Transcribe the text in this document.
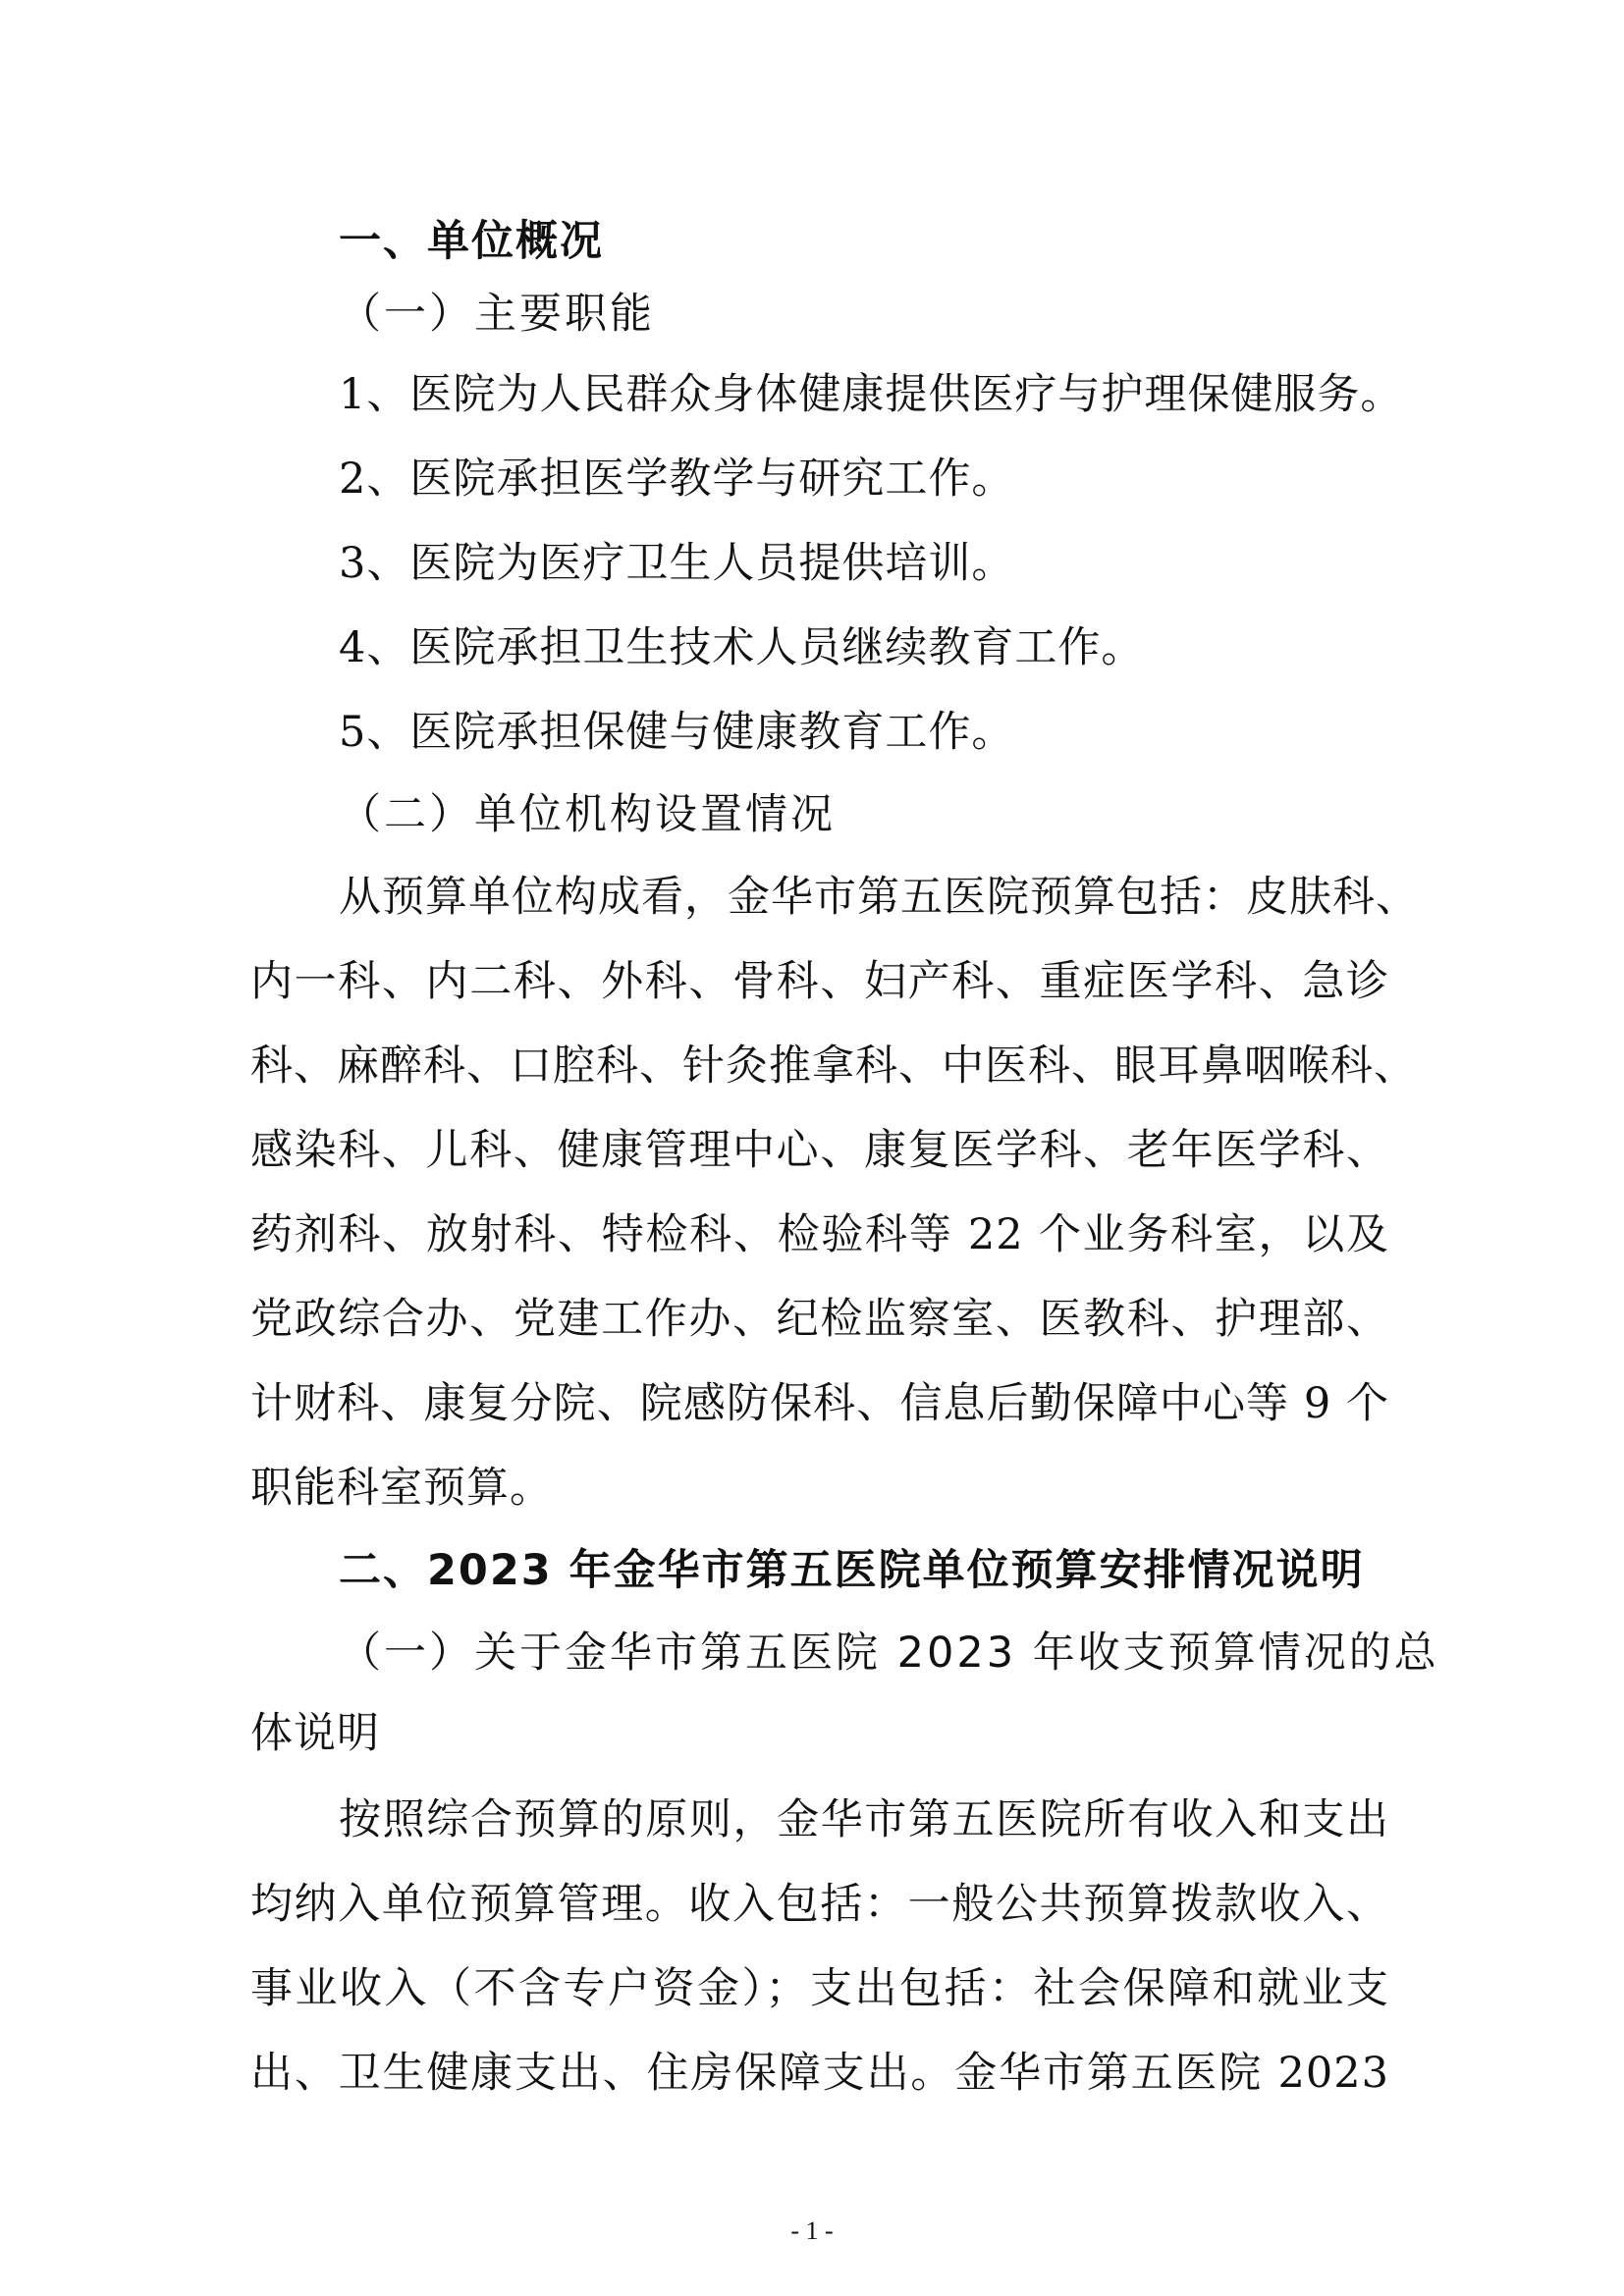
一、单位概况
（一）主要职能
1、医院为人民群众身体健康提供医疗与护理保健服务。
2、医院承担医学教学与研究工作。
3、医院为医疗卫生人员提供培训。
4、医院承担卫生技术人员继续教育工作。
5、医院承担保健与健康教育工作。
（二）单位机构设置情况
从预算单位构成看，金华市第五医院预算包括：皮肤科、
内一科、内二科、外科、骨科、妇产科、重症医学科、急诊
科、麻醉科、口腔科、针灸推拿科、中医科、眼耳鼻咽喉科、
感染科、儿科、健康管理中心、康复医学科、老年医学科、
药剂科、放射科、特检科、检验科等 22 个业务科室，以及
党政综合办、党建工作办、纪检监察室、医教科、护理部、
计财科、康复分院、院感防保科、信息后勤保障中心等 9 个
职能科室预算。
二、2023 年金华市第五医院单位预算安排情况说明
（一）关于金华市第五医院 2023 年收支预算情况的总
体说明
按照综合预算的原则，金华市第五医院所有收入和支出
均纳入单位预算管理。收入包括：一般公共预算拨款收入、
事业收入（不含专户资金）；支出包括：社会保障和就业支
出、卫生健康支出、住房保障支出。金华市第五医院 2023
- 1 -
